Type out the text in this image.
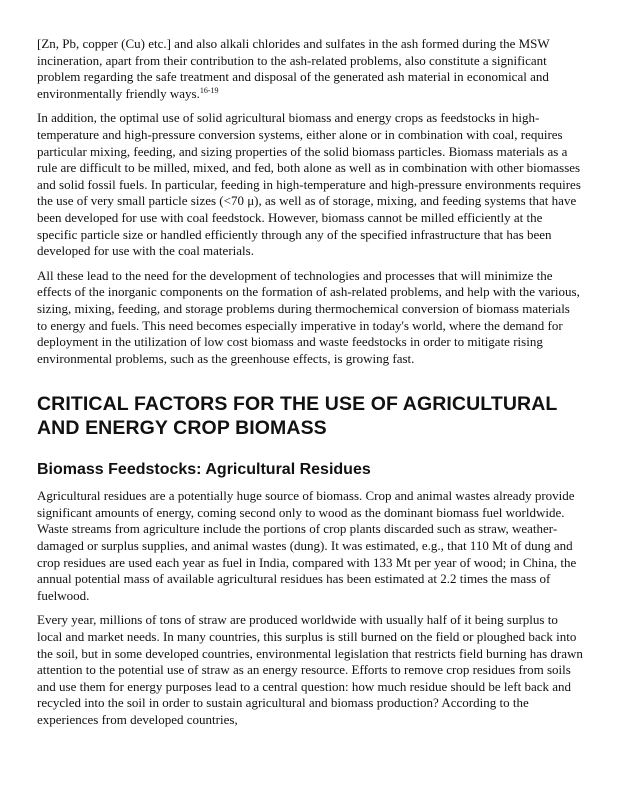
[Zn, Pb, copper (Cu) etc.] and also alkali chlorides and sulfates in the ash formed during the MSW incineration, apart from their contribution to the ash-related problems, also constitute a significant problem regarding the safe treatment and disposal of the generated ash material in economical and environmentally friendly ways.$^{16-19}$

In addition, the optimal use of solid agricultural biomass and energy crops as feedstocks in high-temperature and high-pressure conversion systems, either alone or in combination with coal, requires particular mixing, feeding, and sizing properties of the solid biomass particles. Biomass materials as a rule are difficult to be milled, mixed, and fed, both alone as well as in combination with other biomasses and solid fossil fuels. In particular, feeding in high-temperature and high-pressure environments requires the use of very small particle sizes (<70 μ), as well as of storage, mixing, and feeding systems that have been developed for use with coal feedstock. However, biomass cannot be milled efficiently at the specific particle size or handled efficiently through any of the specified infrastructure that has been developed for use with the coal materials.

All these lead to the need for the development of technologies and processes that will minimize the effects of the inorganic components on the formation of ash-related problems, and help with the various, sizing, mixing, feeding, and storage problems during thermochemical conversion of biomass materials to energy and fuels. This need becomes especially imperative in today's world, where the demand for deployment in the utilization of low cost biomass and waste feedstocks in order to mitigate rising environmental problems, such as the greenhouse effects, is growing fast.

CRITICAL FACTORS FOR THE USE OF AGRICULTURAL AND ENERGY CROP BIOMASS
Biomass Feedstocks: Agricultural Residues

Agricultural residues are a potentially huge source of biomass. Crop and animal wastes already provide significant amounts of energy, coming second only to wood as the dominant biomass fuel worldwide. Waste streams from agriculture include the portions of crop plants discarded such as straw, weather-damaged or surplus supplies, and animal wastes (dung). It was estimated, e.g., that 110 Mt of dung and crop residues are used each year as fuel in India, compared with 133 Mt per year of wood; in China, the annual potential mass of available agricultural residues has been estimated at 2.2 times the mass of fuelwood.

Every year, millions of tons of straw are produced worldwide with usually half of it being surplus to local and market needs. In many countries, this surplus is still burned on the field or ploughed back into the soil, but in some developed countries, environmental legislation that restricts field burning has drawn attention to the potential use of straw as an energy resource. Efforts to remove crop residues from soils and use them for energy purposes lead to a central question: how much residue should be left back and recycled into the soil in order to sustain agricultural and biomass production? According to the experiences from developed countries,
